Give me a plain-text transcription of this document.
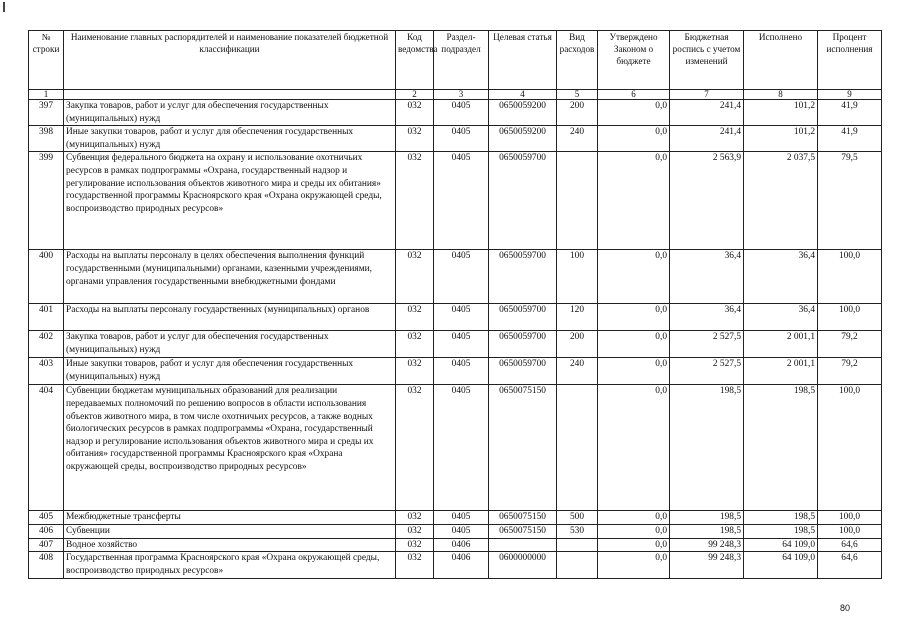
№ строки	Наименование главных распорядителей и наименование показателей бюджетной классификации	Код ведомства	Раздел-подраздел	Целевая статья	Вид расходов	Утверждено Законом о бюджете	Бюджетная роспись с учетом изменений	Исполнено	Процент исполнения
1		2	3	4	5	6	7	8	9
397	Закупка товаров, работ и услуг для обеспечения государственных (муниципальных) нужд	032	0405	0650059200	200	0,0	241,4	101,2	41,9
398	Иные закупки товаров, работ и услуг для обеспечения государственных (муниципальных) нужд	032	0405	0650059200	240	0,0	241,4	101,2	41,9
399	Субвенция федерального бюджета на охрану и использование охотничьих ресурсов в рамках подпрограммы «Охрана, государственный надзор и регулирование использования объектов животного мира и среды их обитания» государственной программы Красноярского края «Охрана окружающей среды, воспроизводство природных ресурсов»	032	0405	0650059700		0,0	2 563,9	2 037,5	79,5
400	Расходы на выплаты персоналу в целях обеспечения выполнения функций государственными (муниципальными) органами, казенными учреждениями, органами управления государственными внебюджетными фондами	032	0405	0650059700	100	0,0	36,4	36,4	100,0
401	Расходы на выплаты персоналу государственных (муниципальных) органов	032	0405	0650059700	120	0,0	36,4	36,4	100,0
402	Закупка товаров, работ и услуг для обеспечения государственных (муниципальных) нужд	032	0405	0650059700	200	0,0	2 527,5	2 001,1	79,2
403	Иные закупки товаров, работ и услуг для обеспечения государственных (муниципальных) нужд	032	0405	0650059700	240	0,0	2 527,5	2 001,1	79,2
404	Субвенции бюджетам муниципальных образований для реализации передаваемых полномочий по решению вопросов в области использования объектов животного мира, в том числе охотничьих ресурсов, а также водных биологических ресурсов в рамках подпрограммы «Охрана, государственный надзор и регулирование использования объектов животного мира и среды их обитания» государственной программы Красноярского края «Охрана окружающей среды, воспроизводство природных ресурсов»	032	0405	0650075150		0,0	198,5	198,5	100,0
405	Межбюджетные трансферты	032	0405	0650075150	500	0,0	198,5	198,5	100,0
406	Субвенции	032	0405	0650075150	530	0,0	198,5	198,5	100,0
407	Водное хозяйство	032	0406			0,0	99 248,3	64 109,0	64,6
408	Государственная программа Красноярского края «Охрана окружающей среды, воспроизводство природных ресурсов»	032	0406	0600000000		0,0	99 248,3	64 109,0	64,6
80
